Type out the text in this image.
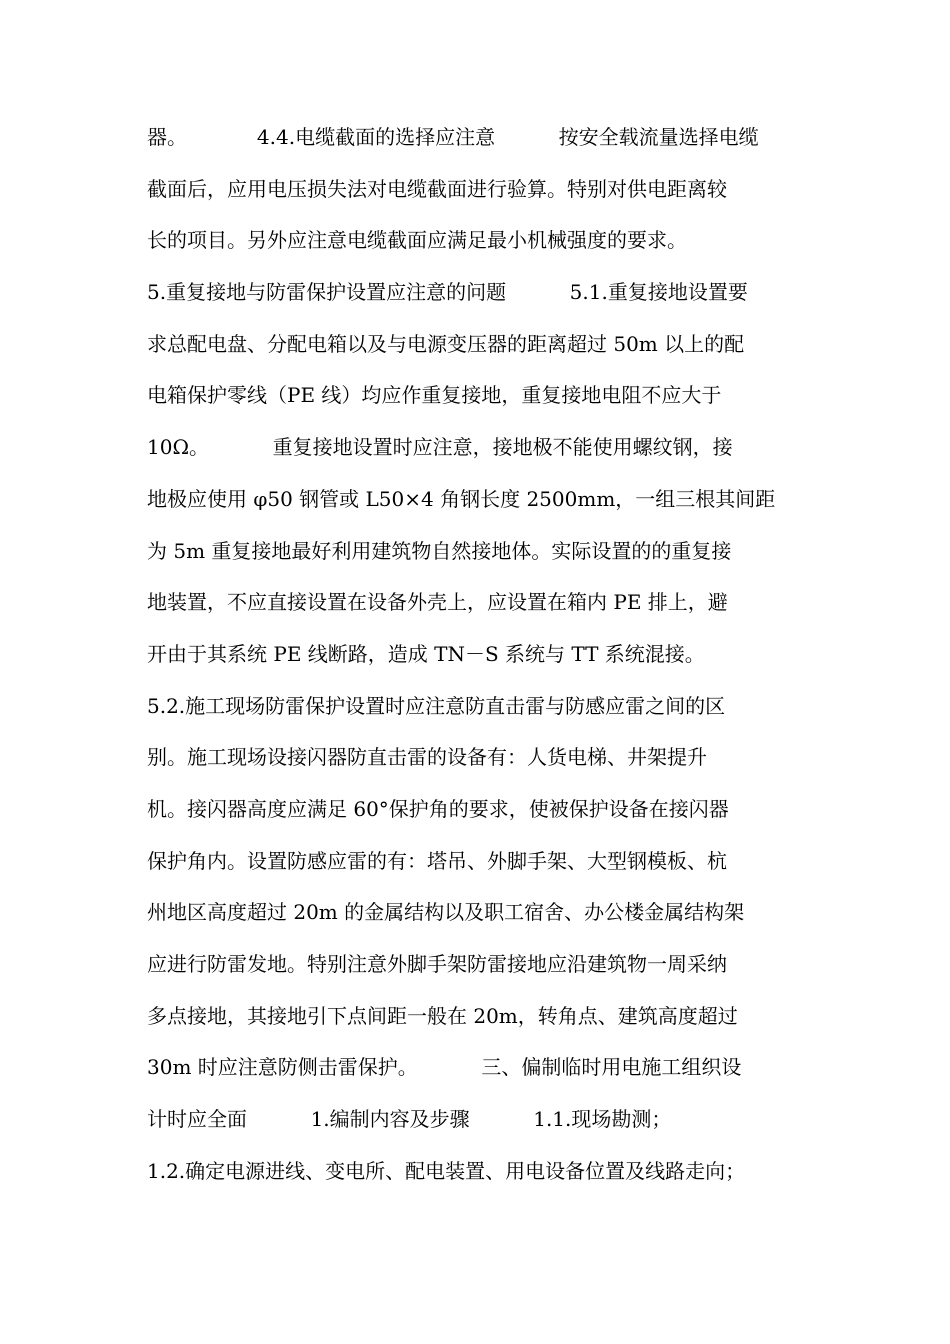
器。           4.4.电缆截面的选择应注意          按安全载流量选择电缆
截面后，应用电压损失法对电缆截面进行验算。特别对供电距离较
长的项目。另外应注意电缆截面应满足最小机械强度的要求。
5.重复接地与防雷保护设置应注意的问题          5.1.重复接地设置要
求总配电盘、分配电箱以及与电源变压器的距离超过 50m 以上的配
电箱保护零线（PE 线）均应作重复接地，重复接地电阻不应大于
10Ω。          重复接地设置时应注意，接地极不能使用螺纹钢，接
地极应使用 φ50 钢管或 L50×4 角钢长度 2500mm，一组三根其间距
为 5m 重复接地最好利用建筑物自然接地体。实际设置的的重复接
地装置，不应直接设置在设备外壳上，应设置在箱内 PE 排上，避
开由于其系统 PE 线断路，造成 TN－S 系统与 TT 系统混接。
5.2.施工现场防雷保护设置时应注意防直击雷与防感应雷之间的区
别。施工现场设接闪器防直击雷的设备有：人货电梯、井架提升
机。接闪器高度应满足 60°保护角的要求，使被保护设备在接闪器
保护角内。设置防感应雷的有：塔吊、外脚手架、大型钢模板、杭
州地区高度超过 20m 的金属结构以及职工宿舍、办公楼金属结构架
应进行防雷发地。特别注意外脚手架防雷接地应沿建筑物一周采纳
多点接地，其接地引下点间距一般在 20m，转角点、建筑高度超过
30m 时应注意防侧击雷保护。          三、偏制临时用电施工组织设
计时应全面          1.编制内容及步骤          1.1.现场勘测；
1.2.确定电源进线、变电所、配电装置、用电设备位置及线路走向；
